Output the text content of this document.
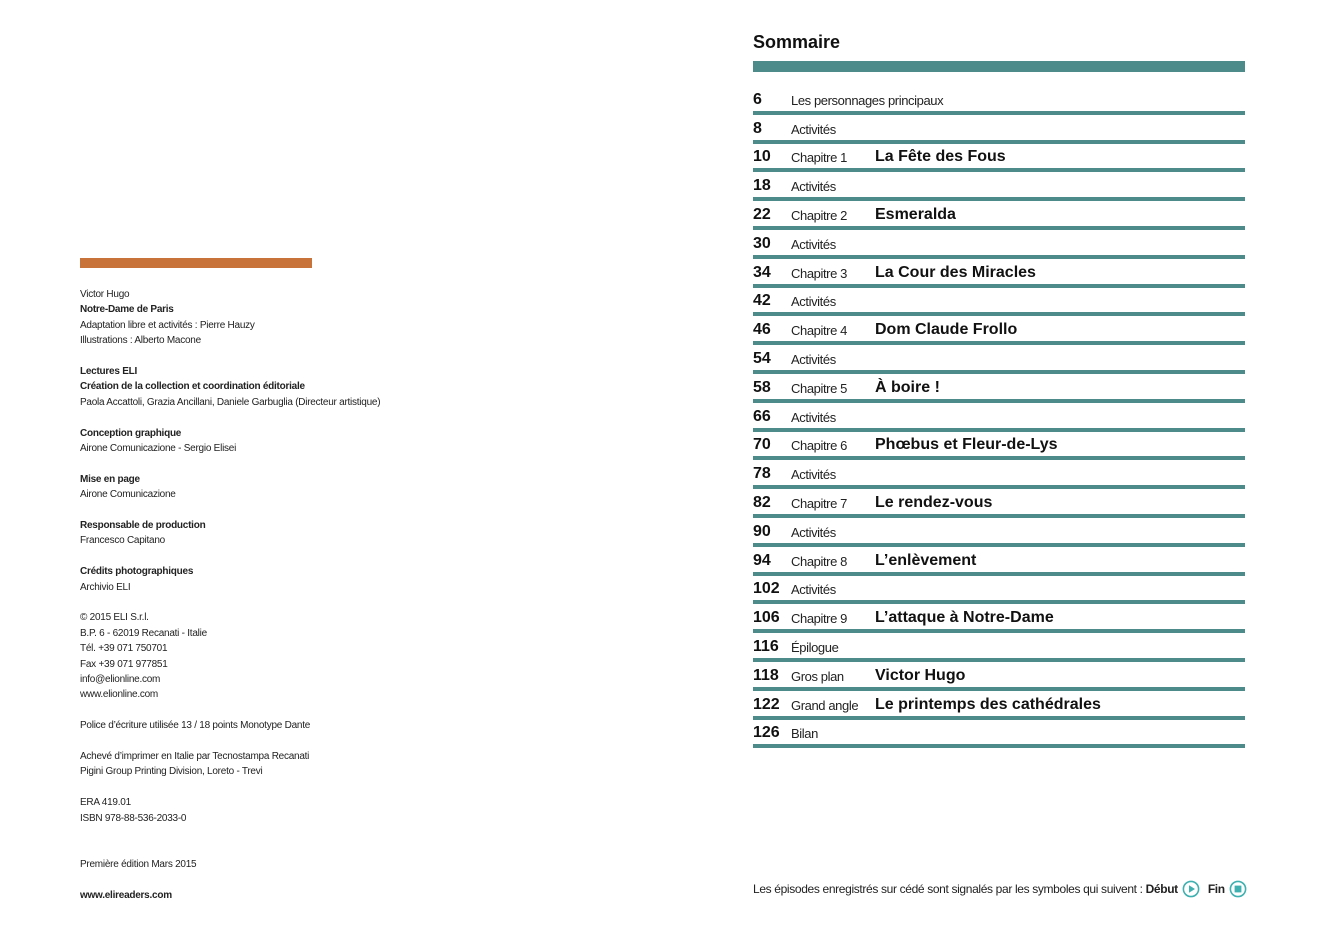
Victor Hugo
Notre-Dame de Paris
Adaptation libre et activités : Pierre Hauzy
Illustrations : Alberto Macone
Lectures ELI
Création de la collection et coordination éditoriale
Paola Accattoli, Grazia Ancillani, Daniele Garbuglia (Directeur artistique)
Conception graphique
Airone Comunicazione - Sergio Elisei
Mise en page
Airone Comunicazione
Responsable de production
Francesco Capitano
Crédits photographiques
Archivio ELI
© 2015 ELI S.r.l.
B.P. 6 - 62019 Recanati - Italie
Tél. +39 071 750701
Fax +39 071 977851
info@elionline.com
www.elionline.com
Police d’écriture utilisée 13 / 18 points Monotype Dante
Achevé d’imprimer en Italie par Tecnostampa Recanati
Pigini Group Printing Division, Loreto - Trevi
ERA 419.01
ISBN 978-88-536-2033-0
Première édition Mars 2015
www.elireaders.com
Sommaire
6 Les personnages principaux
8 Activités
10 Chapitre 1 La Fête des Fous
18 Activités
22 Chapitre 2 Esmeralda
30 Activités
34 Chapitre 3 La Cour des Miracles
42 Activités
46 Chapitre 4 Dom Claude Frollo
54 Activités
58 Chapitre 5 À boire !
66 Activités
70 Chapitre 6 Phœbus et Fleur-de-Lys
78 Activités
82 Chapitre 7 Le rendez-vous
90 Activités
94 Chapitre 8 L’enlèvement
102 Activités
106 Chapitre 9 L’attaque à Notre-Dame
116 Épilogue
118 Gros plan Victor Hugo
122 Grand angle Le printemps des cathédrales
126 Bilan
Les épisodes enregistrés sur cédé sont signalés par les symboles qui suivent :
Début	Fin
